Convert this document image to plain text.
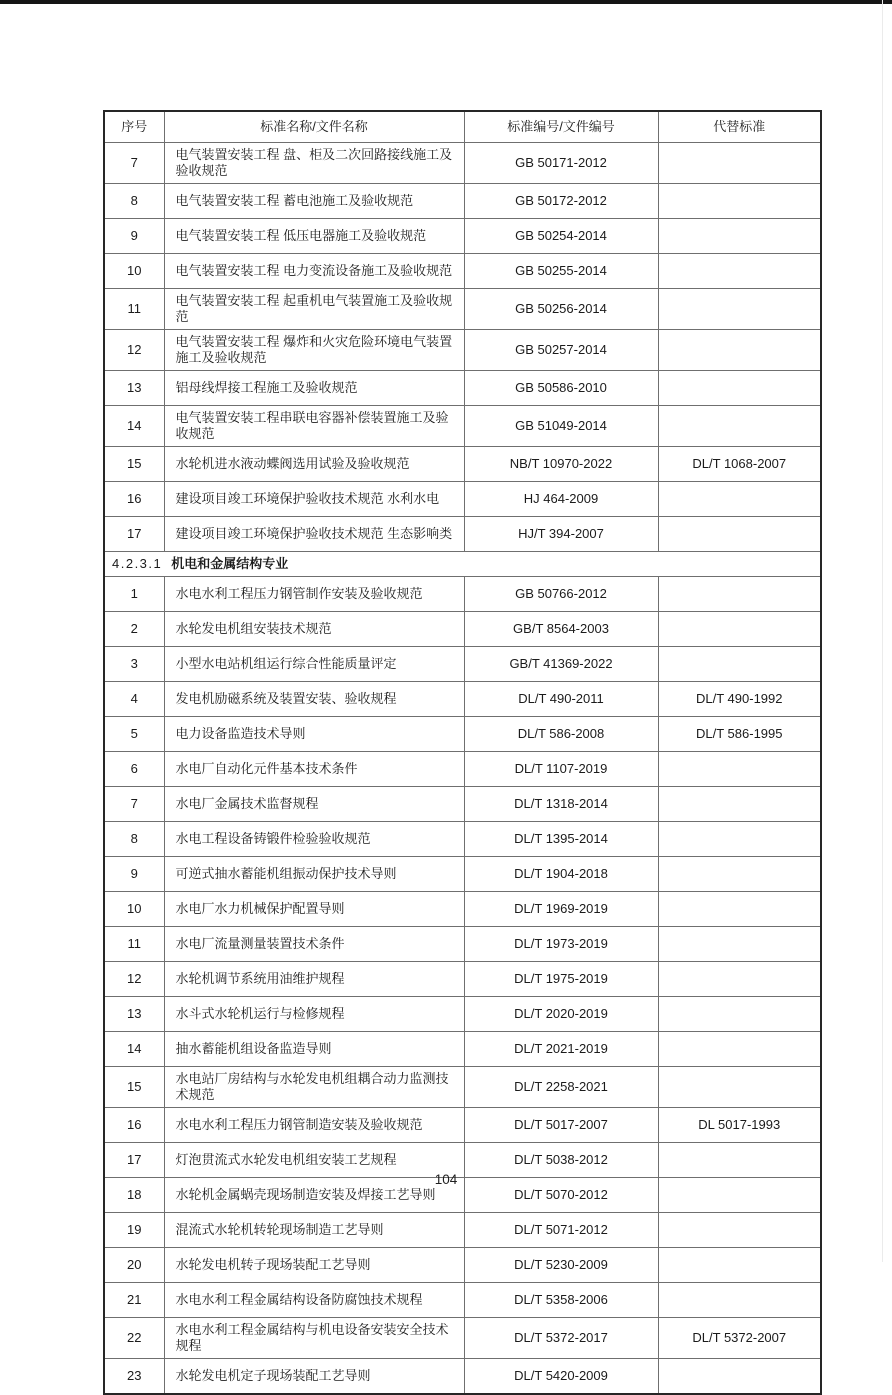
序号	标准名称/文件名称	标准编号/文件编号	代替标准
7	电气装置安装工程 盘、柜及二次回路接线施工及验收规范	GB 50171-2012	
8	电气装置安装工程 蓄电池施工及验收规范	GB 50172-2012	
9	电气装置安装工程 低压电器施工及验收规范	GB 50254-2014	
10	电气装置安装工程 电力变流设备施工及验收规范	GB 50255-2014	
11	电气装置安装工程 起重机电气装置施工及验收规范	GB 50256-2014	
12	电气装置安装工程 爆炸和火灾危险环境电气装置施工及验收规范	GB 50257-2014	
13	铝母线焊接工程施工及验收规范	GB 50586-2010	
14	电气装置安装工程串联电容器补偿装置施工及验收规范	GB 51049-2014	
15	水轮机进水液动蝶阀选用试验及验收规范	NB/T 10970-2022	DL/T 1068-2007
16	建设项目竣工环境保护验收技术规范 水利水电	HJ 464-2009	
17	建设项目竣工环境保护验收技术规范 生态影响类	HJ/T 394-2007	
4.2.3.1 机电和金属结构专业			
1	水电水利工程压力钢管制作安装及验收规范	GB 50766-2012	
2	水轮发电机组安装技术规范	GB/T 8564-2003	
3	小型水电站机组运行综合性能质量评定	GB/T 41369-2022	
4	发电机励磁系统及装置安装、验收规程	DL/T 490-2011	DL/T 490-1992
5	电力设备监造技术导则	DL/T 586-2008	DL/T 586-1995
6	水电厂自动化元件基本技术条件	DL/T 1107-2019	
7	水电厂金属技术监督规程	DL/T 1318-2014	
8	水电工程设备铸锻件检验验收规范	DL/T 1395-2014	
9	可逆式抽水蓄能机组振动保护技术导则	DL/T 1904-2018	
10	水电厂水力机械保护配置导则	DL/T 1969-2019	
11	水电厂流量测量装置技术条件	DL/T 1973-2019	
12	水轮机调节系统用油维护规程	DL/T 1975-2019	
13	水斗式水轮机运行与检修规程	DL/T 2020-2019	
14	抽水蓄能机组设备监造导则	DL/T 2021-2019	
15	水电站厂房结构与水轮发电机组耦合动力监测技术规范	DL/T 2258-2021	
16	水电水利工程压力钢管制造安装及验收规范	DL/T 5017-2007	DL 5017-1993
17	灯泡贯流式水轮发电机组安装工艺规程	DL/T 5038-2012	
18	水轮机金属蜗壳现场制造安装及焊接工艺导则	DL/T 5070-2012	
19	混流式水轮机转轮现场制造工艺导则	DL/T 5071-2012	
20	水轮发电机转子现场装配工艺导则	DL/T 5230-2009	
21	水电水利工程金属结构设备防腐蚀技术规程	DL/T 5358-2006	
22	水电水利工程金属结构与机电设备安装安全技术规程	DL/T 5372-2017	DL/T 5372-2007
23	水轮发电机定子现场装配工艺导则	DL/T 5420-2009	
104
